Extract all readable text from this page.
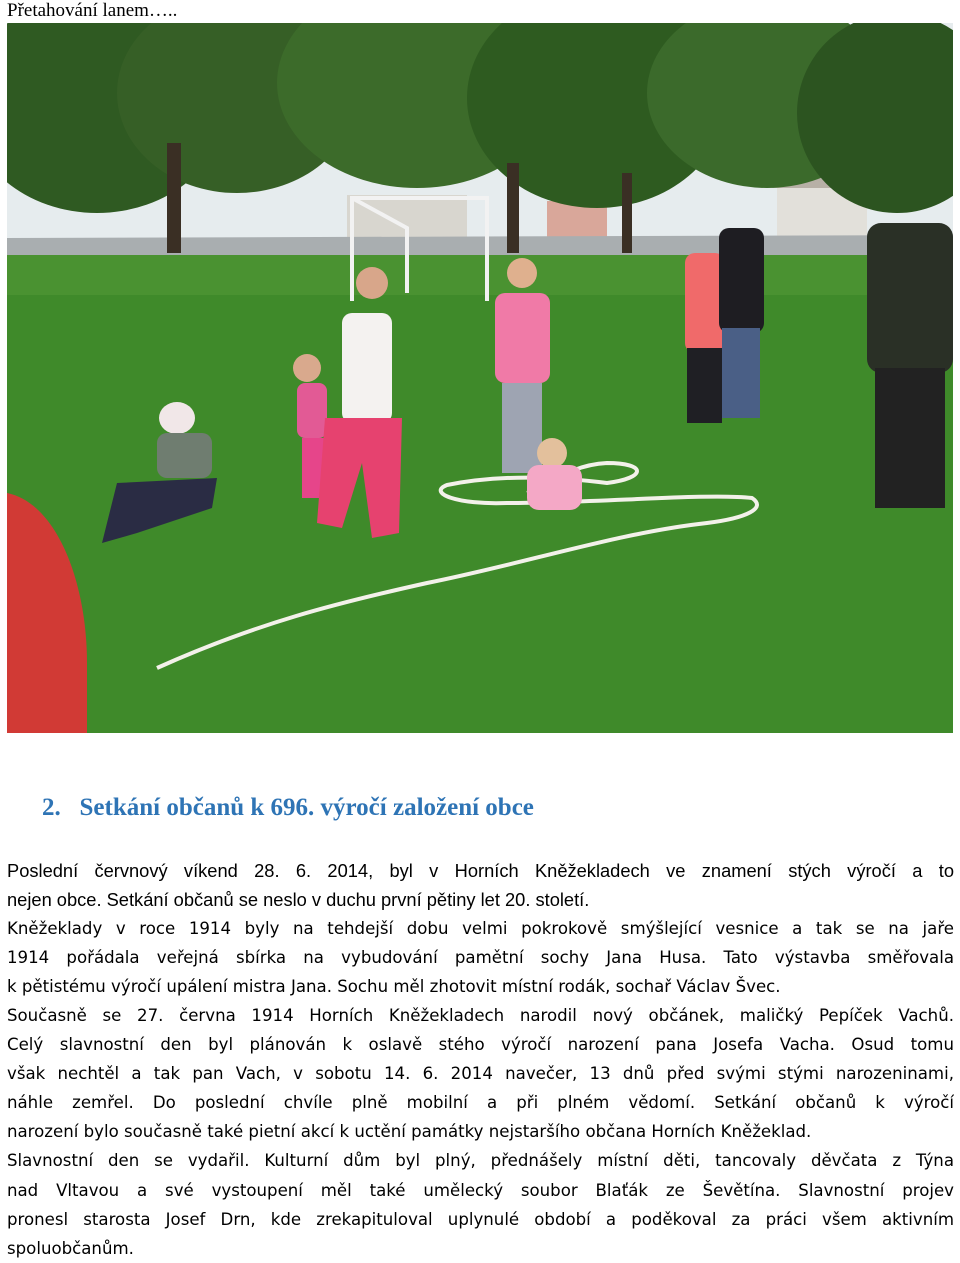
Přetahování lanem…..
2. Setkání občanů k 696. výročí založení obce
Poslední červnový víkend 28. 6. 2014, byl v Horních Kněžekladech ve znamení stých výročí a to
nejen obce. Setkání občanů se neslo v duchu první pětiny let 20. století.
Kněžeklady v roce 1914 byly na tehdejší dobu velmi pokrokově smýšlející vesnice a tak se na jaře
1914 pořádala veřejná sbírka na vybudování pamětní sochy Jana Husa. Tato výstavba směřovala
k pětistému výročí upálení mistra Jana. Sochu měl zhotovit místní rodák, sochař Václav Švec.
Současně se 27. června 1914 Horních Kněžekladech narodil nový občánek, maličký Pepíček Vachů.
Celý slavnostní den byl plánován k oslavě stého výročí narození pana Josefa Vacha. Osud tomu
však nechtěl a tak pan Vach, v sobotu 14. 6. 2014 navečer, 13 dnů před svými stými narozeninami,
náhle zemřel. Do poslední chvíle plně mobilní a při plném vědomí. Setkání občanů k výročí
narození bylo současně také pietní akcí k uctění památky nejstaršího občana Horních Kněžeklad.
Slavnostní den se vydařil. Kulturní dům byl plný, přednášely místní děti, tancovaly děvčata z Týna
nad Vltavou a své vystoupení měl také umělecký soubor Blaťák ze Ševětína. Slavnostní projev
pronesl starosta Josef Drn, kde zrekapituloval uplynulé období a poděkoval za práci všem aktivním
spoluobčanům.
